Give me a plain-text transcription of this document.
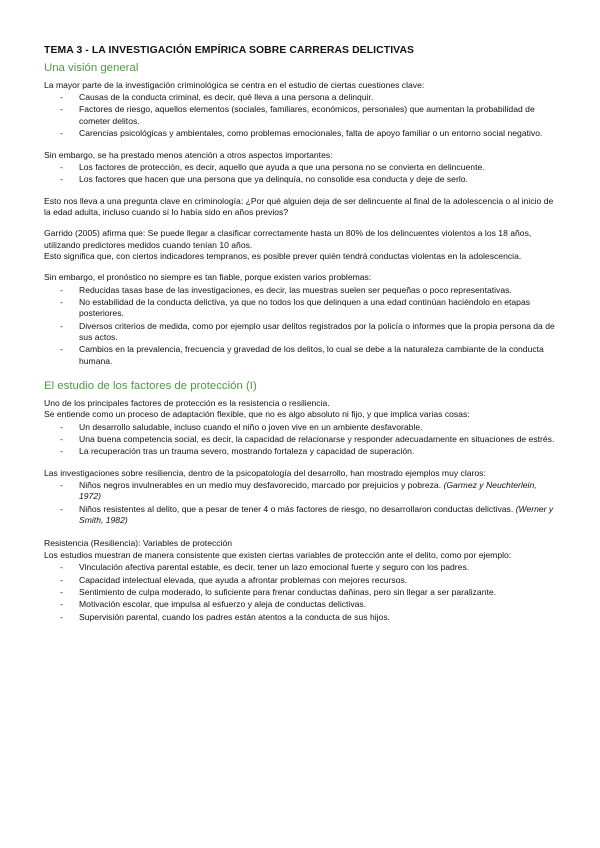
TEMA 3 - LA INVESTIGACIÓN EMPÍRICA SOBRE CARRERAS DELICTIVAS
Una visión general

La mayor parte de la investigación criminológica se centra en el estudio de ciertas cuestiones clave:

- Causas de la conducta criminal, es decir, qué lleva a una persona a delinquir.
- Factores de riesgo, aquellos elementos (sociales, familiares, económicos, personales) que aumentan la probabilidad de cometer delitos.
- Carencias psicológicas y ambientales, como problemas emocionales, falta de apoyo familiar o un entorno social negativo.

Sin embargo, se ha prestado menos atención a otros aspectos importantes:

- Los factores de protección, es decir, aquello que ayuda a que una persona no se convierta en delincuente.
- Los factores que hacen que una persona que ya delinquía, no consolide esa conducta y deje de serlo.

Esto nos lleva a una pregunta clave en criminología: ¿Por qué alguien deja de ser delincuente al final de la adolescencia o al inicio de la edad adulta, incluso cuando sí lo había sido en años previos?

Garrido (2005) afirma que: Se puede llegar a clasificar correctamente hasta un 80% de los delincuentes violentos a los 18 años, utilizando predictores medidos cuando tenían 10 años.

Esto significa que, con ciertos indicadores tempranos, es posible prever quién tendrá conductas violentas en la adolescencia.

Sin embargo, el pronóstico no siempre es tan fiable, porque existen varios problemas:

- Reducidas tasas base de las investigaciones, es decir, las muestras suelen ser pequeñas o poco representativas.
- No estabilidad de la conducta delictiva, ya que no todos los que delinquen a una edad continúan haciéndolo en etapas posteriores.
- Diversos criterios de medida, como por ejemplo usar delitos registrados por la policía o informes que la propia persona da de sus actos.
- Cambios en la prevalencia, frecuencia y gravedad de los delitos, lo cual se debe a la naturaleza cambiante de la conducta humana.
El estudio de los factores de protección (I)

Uno de los principales factores de protección es la resistencia o resiliencia.

Se entiende como un proceso de adaptación flexible, que no es algo absoluto ni fijo, y que implica varias cosas:

- Un desarrollo saludable, incluso cuando el niño o joven vive en un ambiente desfavorable.
- Una buena competencia social, es decir, la capacidad de relacionarse y responder adecuadamente en situaciones de estrés.
- La recuperación tras un trauma severo, mostrando fortaleza y capacidad de superación.

Las investigaciones sobre resiliencia, dentro de la psicopatología del desarrollo, han mostrado ejemplos muy claros:

- Niños negros invulnerables en un medio muy desfavorecido, marcado por prejuicios y pobreza. (Garmez y Neuchterlein, 1972)
- Niños resistentes al delito, que a pesar de tener 4 o más factores de riesgo, no desarrollaron conductas delictivas. (Werner y Smith, 1982)

Resistencia (Resiliencia): Variables de protección

Los estudios muestran de manera consistente que existen ciertas variables de protección ante el delito, como por ejemplo:

- Vinculación afectiva parental estable, es decir, tener un lazo emocional fuerte y seguro con los padres.
- Capacidad intelectual elevada, que ayuda a afrontar problemas con mejores recursos.
- Sentimiento de culpa moderado, lo suficiente para frenar conductas dañinas, pero sin llegar a ser paralizante.
- Motivación escolar, que impulsa al esfuerzo y aleja de conductas delictivas.
- Supervisión parental, cuando los padres están atentos a la conducta de sus hijos.
